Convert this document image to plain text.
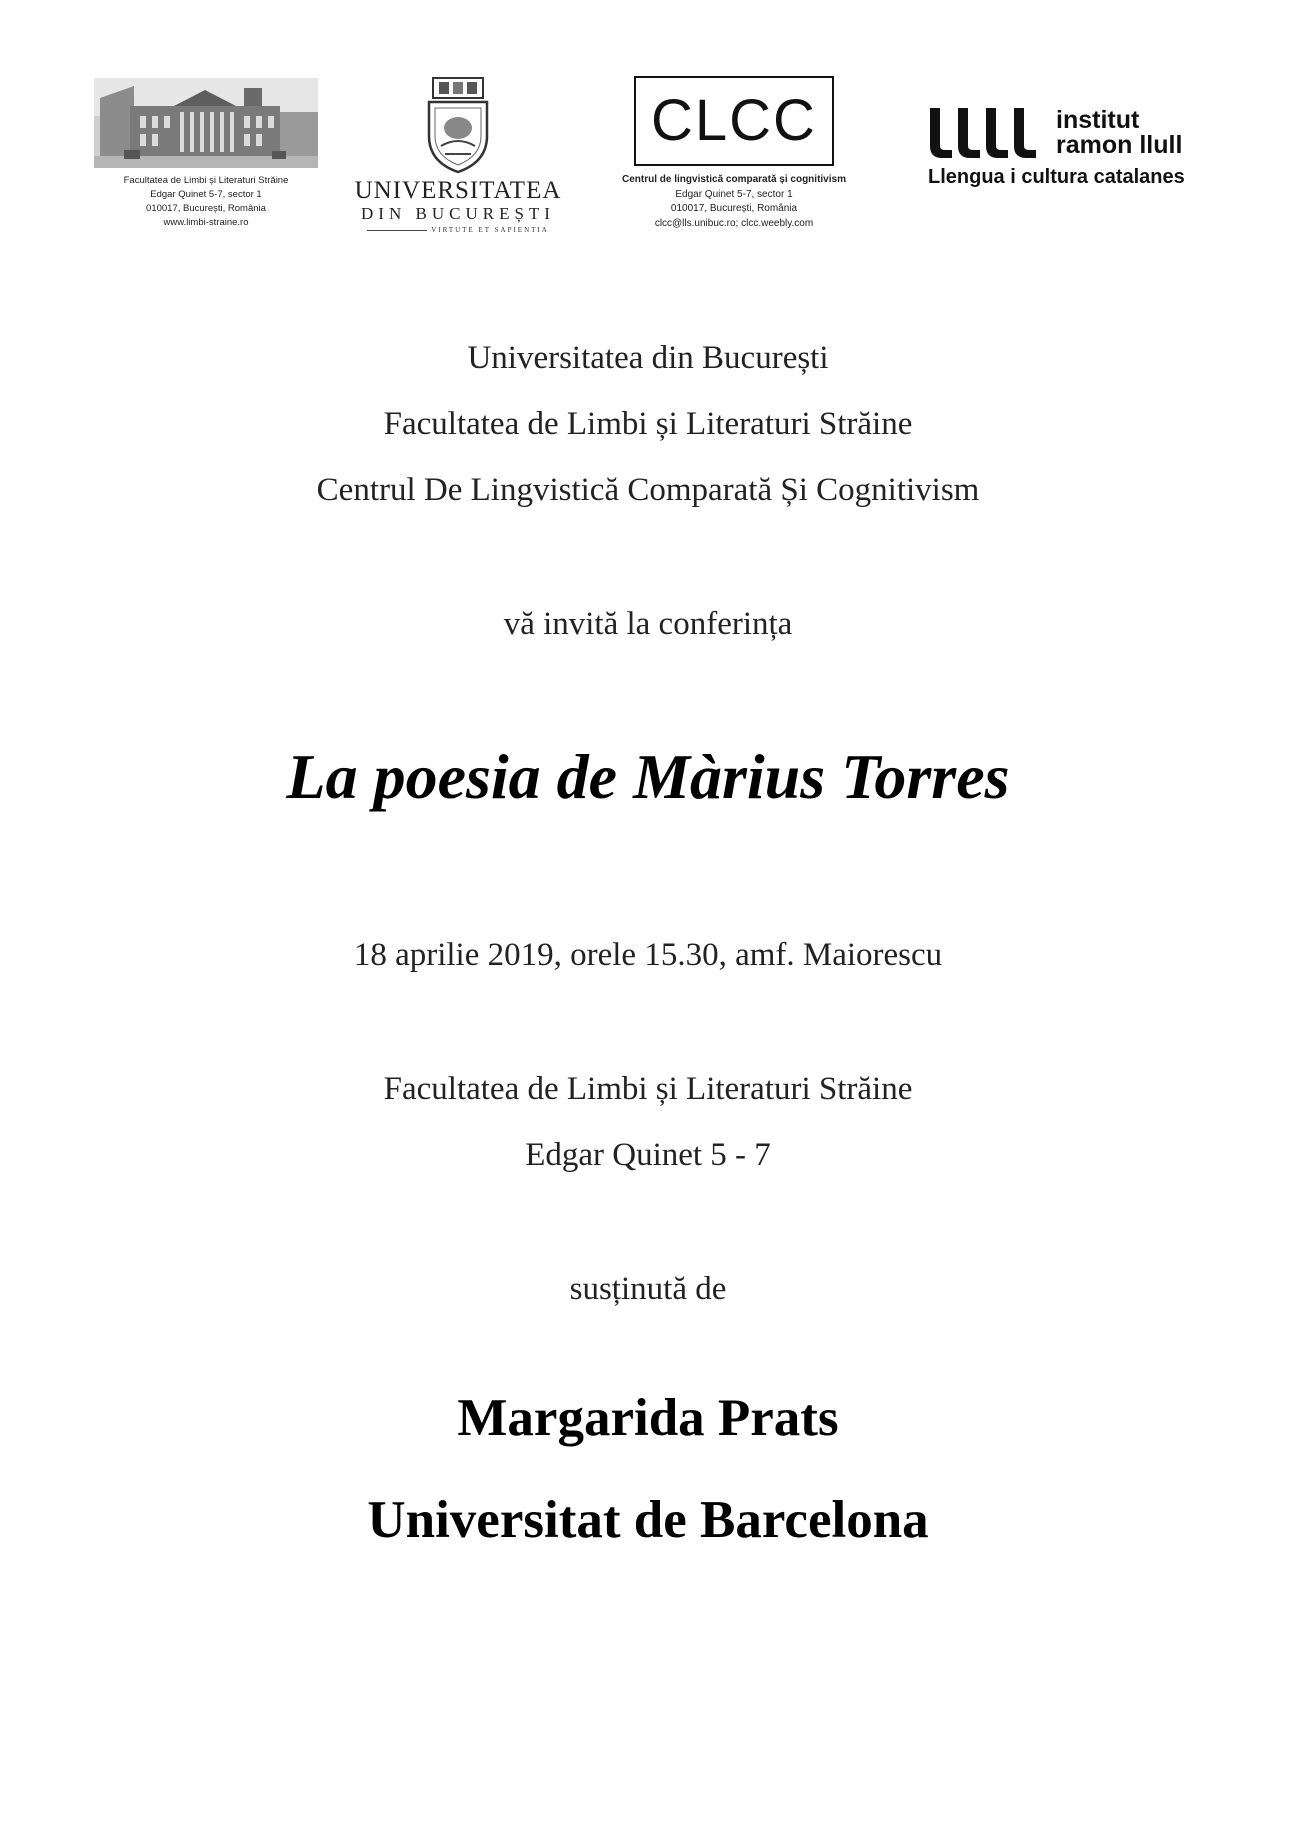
Facultatea de Limbi și Literaturi Străine
Edgar Quinet 5-7, sector 1
010017, București, România
www.limbi-straine.ro
UNIVERSITATEA
DIN BUCUREȘTI
VIRTUTE ET SAPIENTIA
CLCC
Centrul de lingvistică comparată și cognitivism
Edgar Quinet 5-7, sector 1
010017, București, România
clcc@lls.unibuc.ro; clcc.weebly.com
institut
ramon llull
Llengua i cultura catalanes
Universitatea din București
Facultatea de Limbi și Literaturi Străine
Centrul De Lingvistică Comparată Și Cognitivism
vă invită la conferința
La poesia de Màrius Torres
18 aprilie 2019, orele 15.30, amf. Maiorescu
Facultatea de Limbi și Literaturi Străine
Edgar Quinet 5 - 7
susținută de
Margarida Prats
Universitat de Barcelona
